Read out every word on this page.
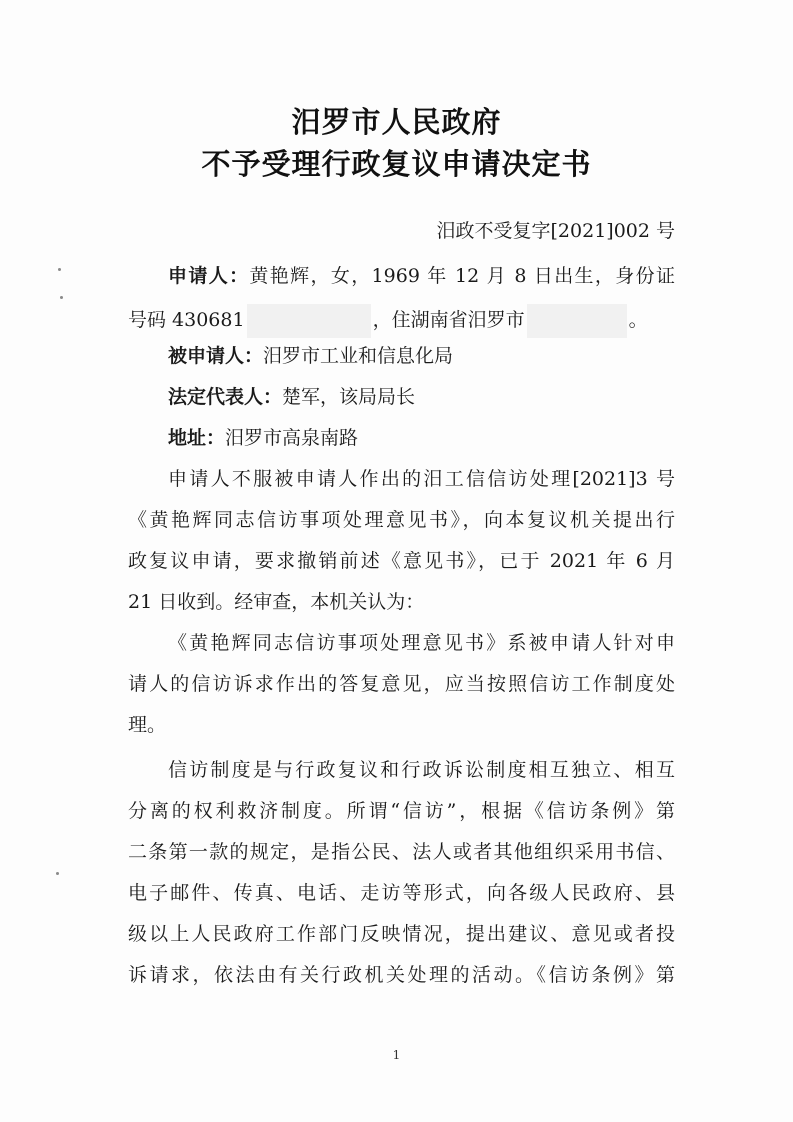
汨罗市人民政府
不予受理行政复议申请决定书
汨政不受复字[2021]002 号
申请人：黄艳辉，女，1969 年 12 月 8 日出生，身份证
号码 430681	，住湖南省汨罗市	。
被申请人：汨罗市工业和信息化局
法定代表人：楚军，该局局长
地址：汨罗市高泉南路
申请人不服被申请人作出的汨工信信访处理[2021]3 号
《黄艳辉同志信访事项处理意见书》，向本复议机关提出行
政复议申请，要求撤销前述《意见书》，已于 2021 年 6 月
21 日收到。经审查，本机关认为：
《黄艳辉同志信访事项处理意见书》系被申请人针对申
请人的信访诉求作出的答复意见，应当按照信访工作制度处
理。
信访制度是与行政复议和行政诉讼制度相互独立、相互
分离的权利救济制度。所谓“信访”，根据《信访条例》第
二条第一款的规定，是指公民、法人或者其他组织采用书信、
电子邮件、传真、电话、走访等形式，向各级人民政府、县
级以上人民政府工作部门反映情况，提出建议、意见或者投
诉请求，依法由有关行政机关处理的活动。《信访条例》第
1
